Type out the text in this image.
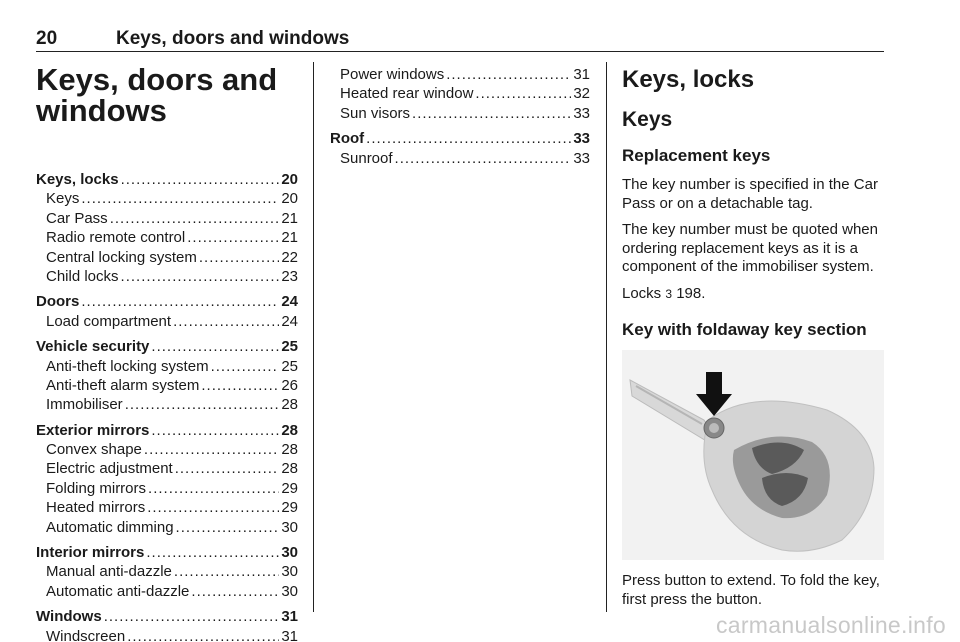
20	Keys, doors and windows
Keys, doors and windows
Keys, locks .....	20
Keys .....	20
Car Pass .....	21
Radio remote control .....	21
Central locking system .....	22
Child locks .....	23
Doors .....	24
Load compartment .....	24
Vehicle security .....	25
Anti-theft locking system .....	25
Anti-theft alarm system .....	26
Immobiliser .....	28
Exterior mirrors .....	28
Convex shape .....	28
Electric adjustment .....	28
Folding mirrors .....	29
Heated mirrors .....	29
Automatic dimming .....	30
Interior mirrors .....	30
Manual anti-dazzle .....	30
Automatic anti-dazzle .....	30
Windows .....	31
Windscreen .....	31
Power windows .....	31
Heated rear window .....	32
Sun visors .....	33
Roof .....	33
Sunroof .....	33
Keys, locks
Keys
Replacement keys
The key number is specified in the Car Pass or on a detachable tag.
The key number must be quoted when ordering replacement keys as it is a component of the immobiliser system.
Locks 3 198.
Key with foldaway key section
Press button to extend. To fold the key, first press the button.
carmanualsonline.info
